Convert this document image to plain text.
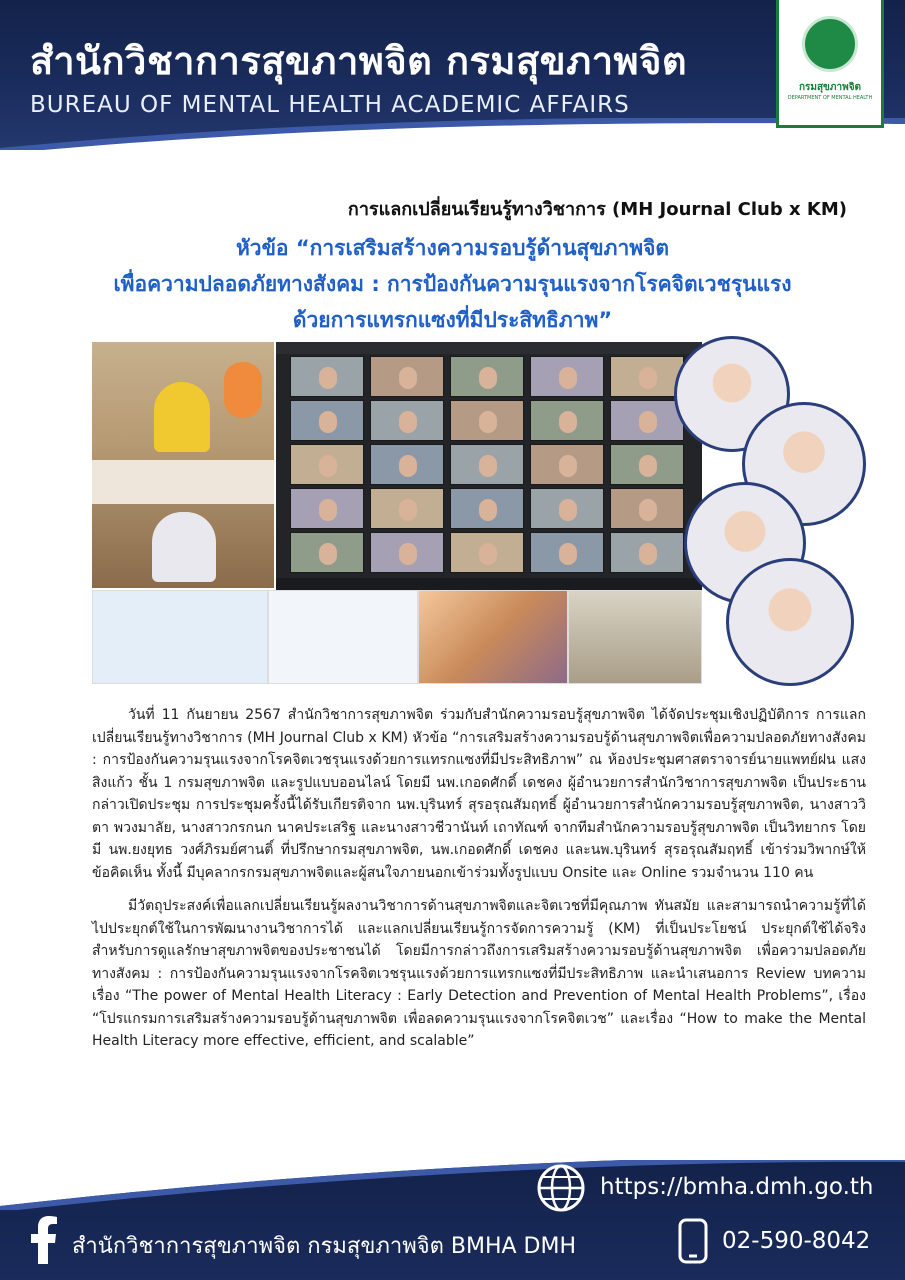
สำนักวิชาการสุขภาพจิต กรมสุขภาพจิต
BUREAU OF MENTAL HEALTH ACADEMIC AFFAIRS
กรมสุขภาพจิต
DEPARTMENT OF MENTAL HEALTH
การแลกเปลี่ยนเรียนรู้ทางวิชาการ (MH Journal Club x KM)
หัวข้อ “การเสริมสร้างความรอบรู้ด้านสุขภาพจิต
เพื่อความปลอดภัยทางสังคม : การป้องกันความรุนแรงจากโรคจิตเวชรุนแรง
ด้วยการแทรกแซงที่มีประสิทธิภาพ”

วันที่ 11 กันยายน 2567 สำนักวิชาการสุขภาพจิต ร่วมกับสำนักความรอบรู้สุขภาพจิต ได้จัดประชุมเชิงปฏิบัติการ การแลกเปลี่ยนเรียนรู้ทางวิชาการ (MH Journal Club x KM) หัวข้อ “การเสริมสร้างความรอบรู้ด้านสุขภาพจิตเพื่อความปลอดภัยทางสังคม : การป้องกันความรุนแรงจากโรคจิตเวชรุนแรงด้วยการแทรกแซงที่มีประสิทธิภาพ” ณ ห้องประชุมศาสตราจารย์นายแพทย์ฝน แสงสิงแก้ว ชั้น 1 กรมสุขภาพจิต และรูปแบบออนไลน์ โดยมี นพ.เกอดศักดิ์ เดชคง ผู้อำนวยการสำนักวิชาการสุขภาพจิต เป็นประธานกล่าวเปิดประชุม การประชุมครั้งนี้ได้รับเกียรติจาก นพ.บุรินทร์ สุรอรุณสัมฤทธิ์ ผู้อำนวยการสำนักความรอบรู้สุขภาพจิต, นางสาววิตา พวงมาลัย, นางสาวกรกนก นาคประเสริฐ และนางสาวชีวานันท์ เถาทัณฑ์ จากทีมสำนักความรอบรู้สุขภาพจิต เป็นวิทยากร โดยมี นพ.ยงยุทธ วงศ์ภิรมย์ศานติ์ ที่ปรึกษากรมสุขภาพจิต, นพ.เกอดศักดิ์ เดชคง และนพ.บุรินทร์ สุรอรุณสัมฤทธิ์ เข้าร่วมวิพากษ์ให้ข้อคิดเห็น ทั้งนี้ มีบุคลากรกรมสุขภาพจิตและผู้สนใจภายนอกเข้าร่วมทั้งรูปแบบ Onsite และ Online รวมจำนวน 110 คน

มีวัตถุประสงค์เพื่อแลกเปลี่ยนเรียนรู้ผลงานวิชาการด้านสุขภาพจิตและจิตเวชที่มีคุณภาพ ทันสมัย และสามารถนำความรู้ที่ได้ไปประยุกต์ใช้ในการพัฒนางานวิชาการได้ และแลกเปลี่ยนเรียนรู้การจัดการความรู้ (KM) ที่เป็นประโยชน์ ประยุกต์ใช้ได้จริงสำหรับการดูแลรักษาสุขภาพจิตของประชาชนได้ โดยมีการกล่าวถึงการเสริมสร้างความรอบรู้ด้านสุขภาพจิต เพื่อความปลอดภัยทางสังคม : การป้องกันความรุนแรงจากโรคจิตเวชรุนแรงด้วยการแทรกแซงที่มีประสิทธิภาพ และนำเสนอการ Review บทความ เรื่อง “The power of Mental Health Literacy : Early Detection and Prevention of Mental Health Problems”, เรื่อง “โปรแกรมการเสริมสร้างความรอบรู้ด้านสุขภาพจิต เพื่อลดความรุนแรงจากโรคจิตเวช” และเรื่อง “How to make the Mental Health Literacy more effective, efficient, and scalable”

https://bmha.dmh.go.th
สำนักวิชาการสุขภาพจิต กรมสุขภาพจิต BMHA DMH	02-590-8042
